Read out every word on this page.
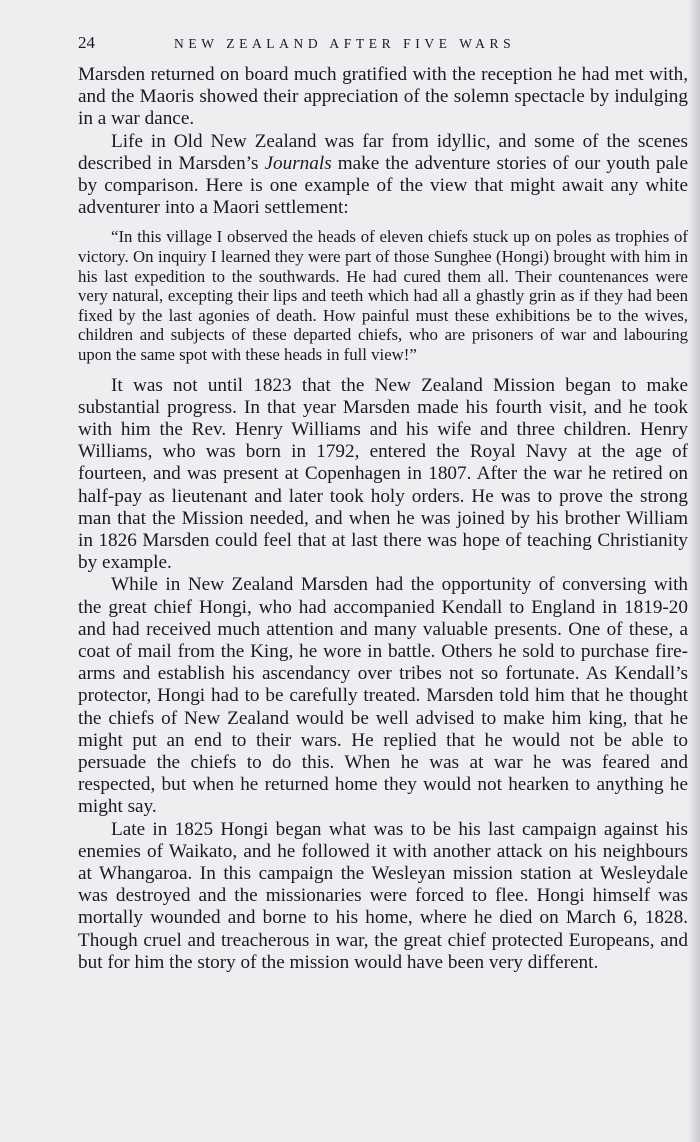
24	NEW ZEALAND AFTER FIVE WARS

Marsden returned on board much gratified with the reception he had met with, and the Maoris showed their appreciation of the solemn spectacle by indulging in a war dance.

Life in Old New Zealand was far from idyllic, and some of the scenes described in Marsden’s Journals make the adventure stories of our youth pale by comparison. Here is one example of the view that might await any white adventurer into a Maori settlement:

“In this village I observed the heads of eleven chiefs stuck up on poles as trophies of victory. On inquiry I learned they were part of those Sunghee (Hongi) brought with him in his last expedition to the southwards. He had cured them all. Their countenances were very natural, excepting their lips and teeth which had all a ghastly grin as if they had been fixed by the last agonies of death. How painful must these exhibitions be to the wives, children and subjects of these departed chiefs, who are prisoners of war and labouring upon the same spot with these heads in full view!”

It was not until 1823 that the New Zealand Mission began to make substantial progress. In that year Marsden made his fourth visit, and he took with him the Rev. Henry Williams and his wife and three children. Henry Williams, who was born in 1792, entered the Royal Navy at the age of fourteen, and was present at Copenhagen in 1807. After the war he retired on half-pay as lieutenant and later took holy orders. He was to prove the strong man that the Mission needed, and when he was joined by his brother William in 1826 Marsden could feel that at last there was hope of teaching Christianity by example.

While in New Zealand Marsden had the opportunity of conversing with the great chief Hongi, who had accompanied Kendall to England in 1819-20 and had received much attention and many valuable presents. One of these, a coat of mail from the King, he wore in battle. Others he sold to purchase fire-arms and establish his ascendancy over tribes not so fortunate. As Kendall’s protector, Hongi had to be carefully treated. Marsden told him that he thought the chiefs of New Zealand would be well advised to make him king, that he might put an end to their wars. He replied that he would not be able to persuade the chiefs to do this. When he was at war he was feared and respected, but when he returned home they would not hearken to anything he might say.

Late in 1825 Hongi began what was to be his last campaign against his enemies of Waikato, and he followed it with another attack on his neighbours at Whangaroa. In this campaign the Wesleyan mission station at Wesleydale was destroyed and the missionaries were forced to flee. Hongi himself was mortally wounded and borne to his home, where he died on March 6, 1828. Though cruel and treacherous in war, the great chief protected Europeans, and but for him the story of the mission would have been very different.
